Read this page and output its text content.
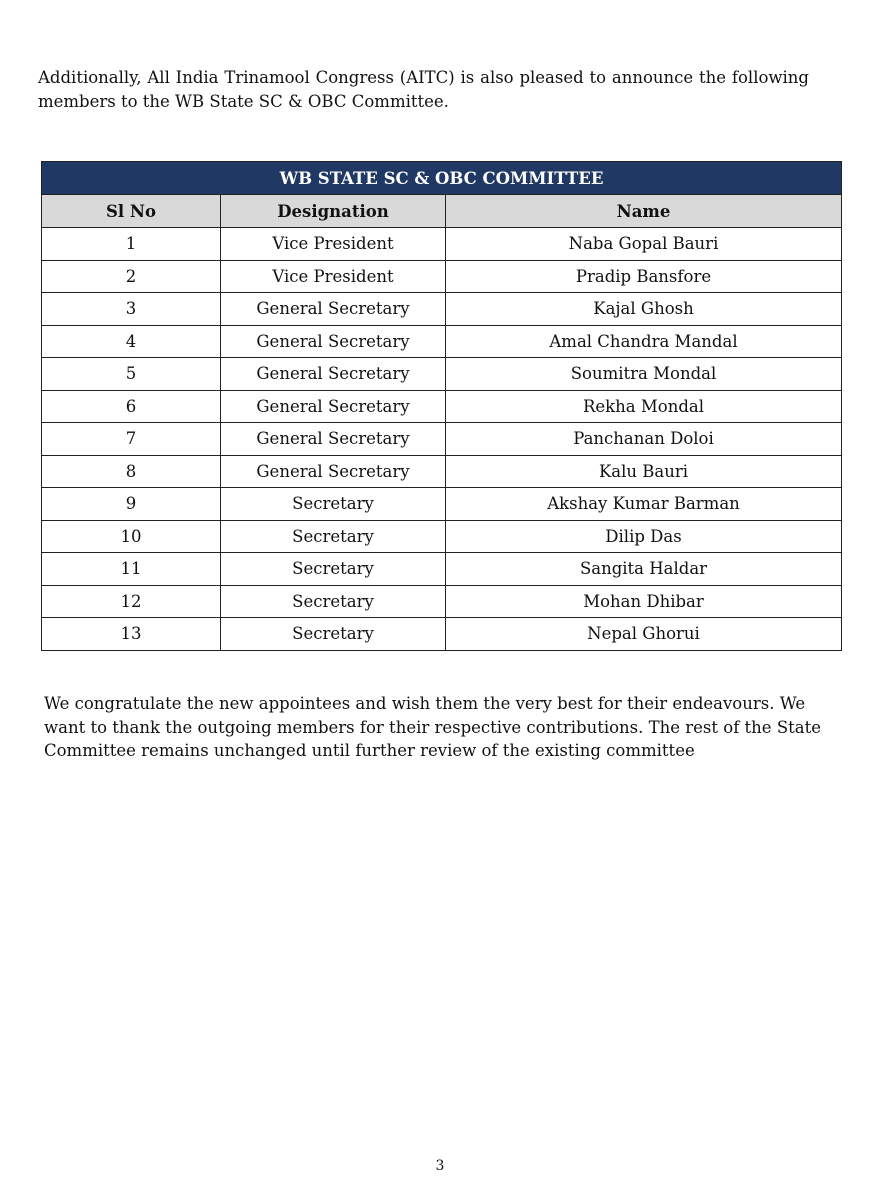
Additionally, All India Trinamool Congress (AITC) is also pleased to announce the following members to the WB State SC & OBC Committee.

WB STATE SC & OBC COMMITTEE		
Sl No	Designation	Name
1	Vice President	Naba Gopal Bauri
2	Vice President	Pradip Bansfore
3	General Secretary	Kajal Ghosh
4	General Secretary	Amal Chandra Mandal
5	General Secretary	Soumitra Mondal
6	General Secretary	Rekha Mondal
7	General Secretary	Panchanan Doloi
8	General Secretary	Kalu Bauri
9	Secretary	Akshay Kumar Barman
10	Secretary	Dilip Das
11	Secretary	Sangita Haldar
12	Secretary	Mohan Dhibar
13	Secretary	Nepal Ghorui

We congratulate the new appointees and wish them the very best for their endeavours. We want to thank the outgoing members for their respective contributions. The rest of the State Committee remains unchanged until further review of the existing committee

3
